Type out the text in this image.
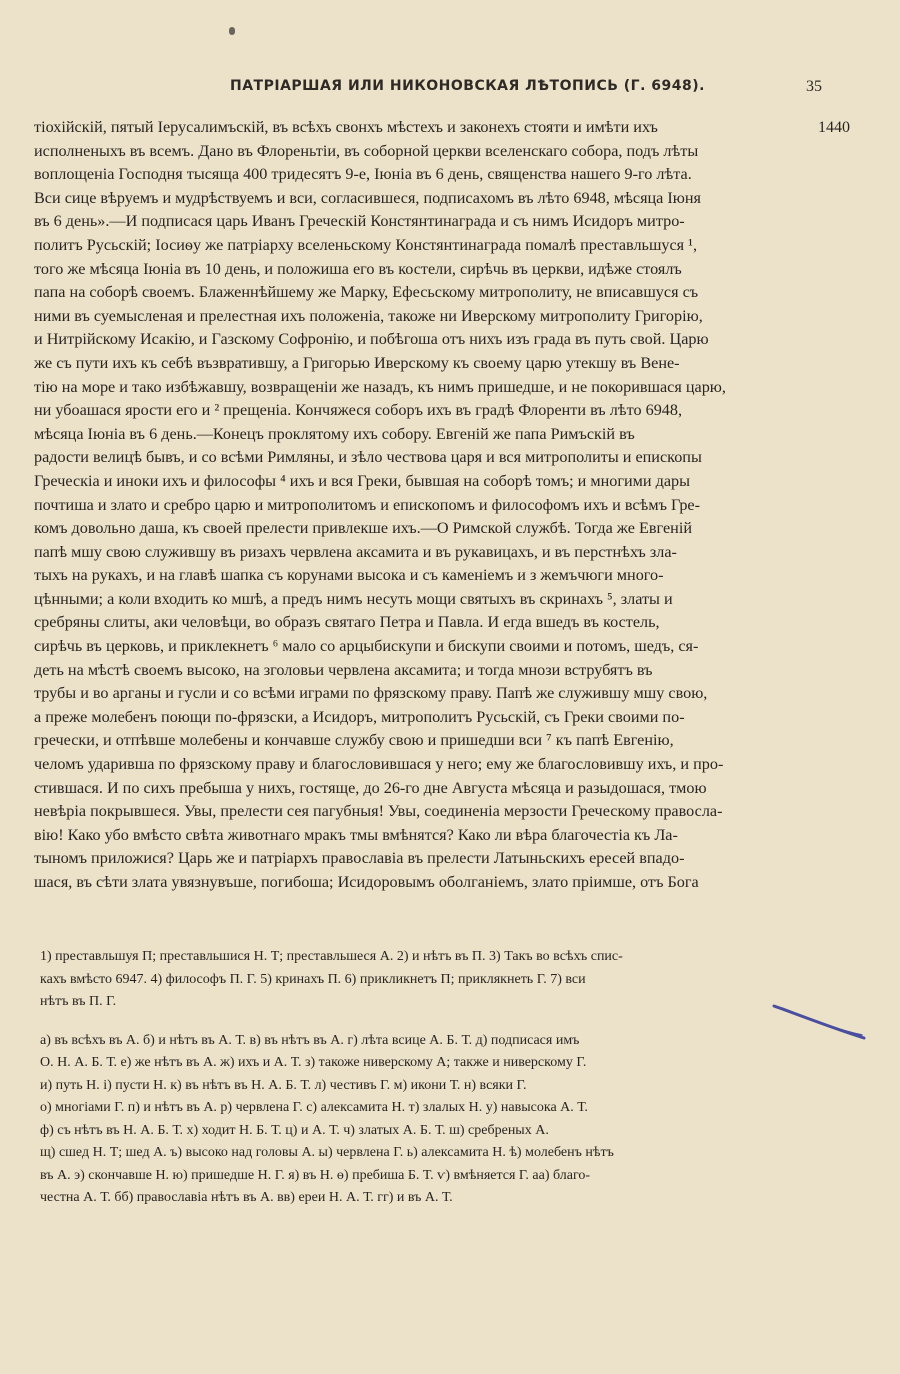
ПАТРІАРШАЯ ИЛИ НИКОНОВСКАЯ ЛѢТОПИСЬ (Г. 6948).	35
1440
тіохійскій, пятый Іерусалимъскій, въ всѣхъ свонхъ мѣстехъ и законехъ стояти и имѣти ихъ
исполненыхъ въ всемъ. Дано въ Флореньтіи, въ соборной церкви вселенскаго собора, подъ лѣты
воплощеніа Господня тысяща 400 тридесятъ 9-е, Іюніа въ 6 день, священства нашего 9-го лѣта.
Вси сице вѣруемъ и мудрѣствуемъ и вси, согласившеся, подписахомъ въ лѣто 6948, мѣсяца Іюня
въ 6 день».—И подписася царь Иванъ Греческій Констянтинаграда и съ нимъ Исидоръ митро-
политъ Русьскій; Іосиѳу же патріарху вселеньскому Констянтинаграда помалѣ преставльшуся ¹,
того же мѣсяца Іюніа въ 10 день, и положиша его въ костели, сирѣчь въ церкви, идѣже стоялъ
папа на соборѣ своемъ. Блаженнѣйшему же Марку, Ефесьскому митрополиту, не вписавшуся съ
ними въ суемысленая и прелестная ихъ положеніа, такоже ни Иверскому митрополиту Григорію,
и Нитрійскому Исакію, и Газскому Софронію, и побѣгоша отъ нихъ изъ града въ путь свой. Царю
же съ пути ихъ къ себѣ възвратившу, а Григорью Иверскому къ своему царю утекшу въ Вене-
тію на море и тако избѣжавшу, возвращеніи же назадъ, къ нимъ пришедше, и не покорившася царю,
ни убоашася ярости его и ² прещеніа. Кончяжеся соборъ ихъ въ градѣ Флоренти въ лѣто 6948,
мѣсяца Іюніа въ 6 день.—Конецъ проклятому ихъ собору. Евгеній же папа Римъскій въ
радости велицѣ бывъ, и со всѣми Римляны, и зѣло чествова царя и вся митрополиты и епископы
Греческіа и иноки ихъ и философы ⁴ ихъ и вся Греки, бывшая на соборѣ томъ; и многими дары
почтиша и злато и сребро царю и митрополитомъ и епископомъ и философомъ ихъ и всѣмъ Гре-
комъ довольно даша, къ своей прелести привлекше ихъ.—О Римской службѣ. Тогда же Евгеній
папѣ мшу свою служившу въ ризахъ червлена аксамита и въ рукавицахъ, и въ перстнѣхъ зла-
тыхъ на рукахъ, и на главѣ шапка съ корунами высока и съ каменіемъ и з жемъчюги много-
цѣнными; а коли входить ко мшѣ, а предъ нимъ несуть мощи святыхъ въ скринахъ ⁵, златы и
сребряны слиты, аки человѣци, во образъ святаго Петра и Павла. И егда вшедъ въ костель,
сирѣчь въ церковь, и приклекнетъ ⁶ мало со арцыбискупи и бискупи своими и потомъ, шедъ, ся-
деть на мѣстѣ своемъ высоко, на зголовьи червлена аксамита; и тогда мнози вструбятъ въ
трубы и во арганы и гусли и со всѣми играми по фрязскому праву. Папѣ же служившу мшу свою,
а преже молебенъ поющи по-фрязски, а Исидоръ, митрополитъ Русьскій, съ Греки своими по-
гречески, и отпѣвше молебены и кончавше службу свою и пришедши вси ⁷ къ папѣ Евгенію,
челомъ ударивша по фрязскому праву и благословившася у него; ему же благословившу ихъ, и про-
стившася. И по сихъ пребыша у нихъ, гостяще, до 26-го дне Августа мѣсяца и разыдошася, тмою
невѣріа покрывшеся. Увы, прелести сея пагубныя! Увы, соединеніа мерзости Греческому правосла-
вію! Како убо вмѣсто свѣта животнаго мракъ тмы вмѣнятся? Како ли вѣра благочестіа къ Ла-
тыномъ приложися? Царь же и патріархъ православіа въ прелести Латыньскихъ ересей впадо-
шася, въ сѣти злата увязнувъше, погибоша; Исидоровымъ оболганіемъ, злато пріимше, отъ Бога
1) преставльшуя П; преставльшися Н. Т; преставльшеся А. 2) и нѣтъ въ П. 3) Такъ во всѣхъ спис-
кахъ вмѣсто 6947. 4) философъ П. Г. 5) кринахъ П. 6) прикликнетъ П; приклякнеть Г. 7) вси
нѣтъ въ П. Г.
а) въ всѣхъ въ А. б) и нѣтъ въ А. Т. в) въ нѣтъ въ А. г) лѣта всице А. Б. Т. д) подписася имъ
О. Н. А. Б. Т. е) же нѣтъ въ А. ж) ихъ и А. Т. з) такоже ниверскому А; также и ниверскому Г.
и) путь Н. і) пусти Н. к) въ нѣтъ въ Н. А. Б. Т. л) честивъ Г. м) икони Т. н) всяки Г.
о) многіами Г. п) и нѣтъ въ А. р) червлена Г. с) алексамита Н. т) злалых Н. у) навысока А. Т.
ф) съ нѣтъ въ Н. А. Б. Т. х) ходит Н. Б. Т. ц) и А. Т. ч) златых А. Б. Т. ш) сребреных А.
щ) сшед Н. Т; шед А. ъ) высоко над головы А. ы) червлена Г. ь) алексамита Н. ѣ) молебенъ нѣтъ
въ А. э) скончавше Н. ю) пришедше Н. Г. я) въ Н. ѳ) пребиша Б. Т. ѵ) вмѣняется Г. аа) благо-
честна А. Т. бб) православіа нѣтъ въ А. вв) ереи Н. А. Т. гг) и въ А. Т.
